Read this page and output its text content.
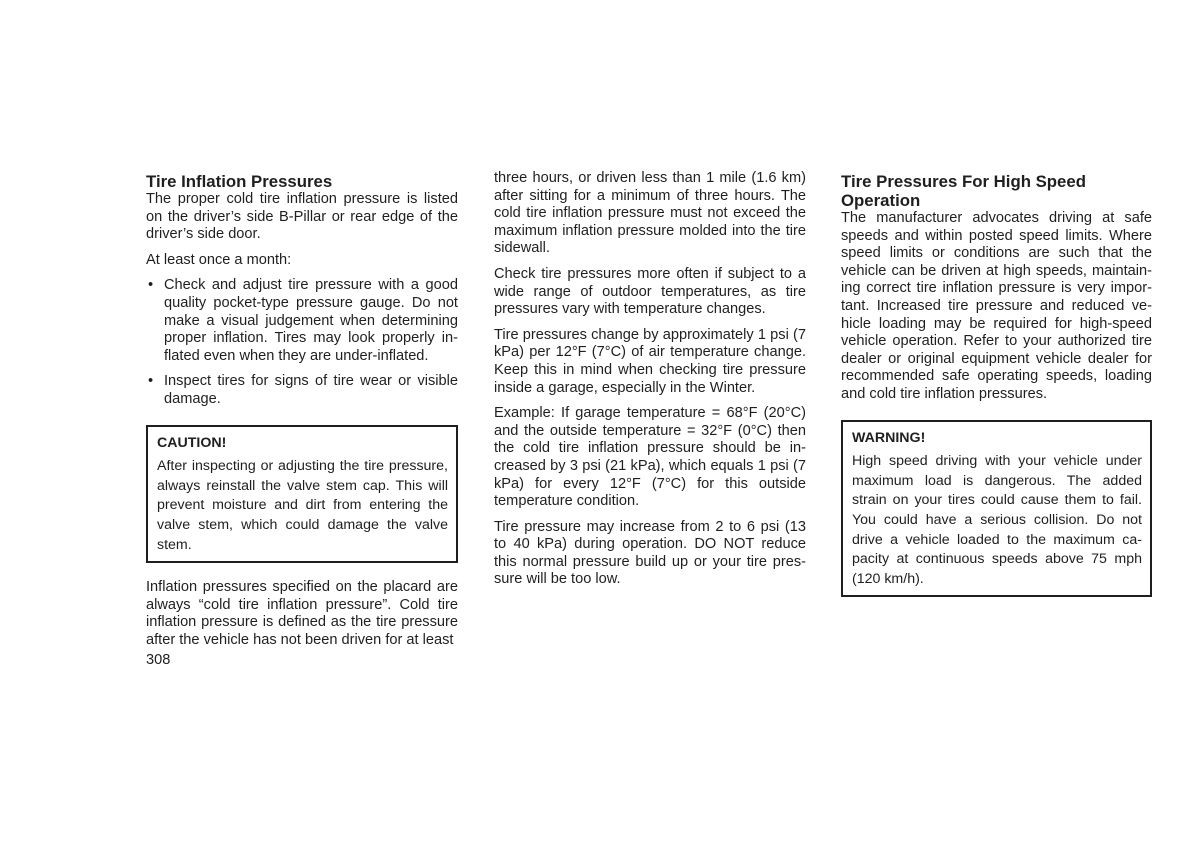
Tire Inflation Pressures

The proper cold tire inflation pressure is listed on the driver’s side B-Pillar or rear edge of the driver’s side door.

At least once a month:

• Check and adjust tire pressure with a good quality pocket-type pressure gauge. Do not make a visual judgement when determining proper inflation. Tires may look properly inflated even when they are under-inflated.
• Inspect tires for signs of tire wear or visible damage.
CAUTION!

After inspecting or adjusting the tire pressure, always reinstall the valve stem cap. This will prevent moisture and dirt from entering the valve stem, which could damage the valve stem.

Inflation pressures specified on the placard are always “cold tire inflation pressure”. Cold tire inflation pressure is defined as the tire pressure after the vehicle has not been driven for at least

three hours, or driven less than 1 mile (1.6 km) after sitting for a minimum of three hours. The cold tire inflation pressure must not exceed the maximum inflation pressure molded into the tire sidewall.

Check tire pressures more often if subject to a wide range of outdoor temperatures, as tire pressures vary with temperature changes.

Tire pressures change by approximately 1 psi (7 kPa) per 12°F (7°C) of air temperature change. Keep this in mind when checking tire pressure inside a garage, especially in the Winter.

Example: If garage temperature = 68°F (20°C) and the outside temperature = 32°F (0°C) then the cold tire inflation pressure should be increased by 3 psi (21 kPa), which equals 1 psi (7 kPa) for every 12°F (7°C) for this outside temperature condition.

Tire pressure may increase from 2 to 6 psi (13 to 40 kPa) during operation. DO NOT reduce this normal pressure build up or your tire pressure will be too low.

Tire Pressures For High Speed Operation

The manufacturer advocates driving at safe speeds and within posted speed limits. Where speed limits or conditions are such that the vehicle can be driven at high speeds, maintaining correct tire inflation pressure is very important. Increased tire pressure and reduced vehicle loading may be required for high-speed vehicle operation. Refer to your authorized tire dealer or original equipment vehicle dealer for recommended safe operating speeds, loading and cold tire inflation pressures.

WARNING!

High speed driving with your vehicle under maximum load is dangerous. The added strain on your tires could cause them to fail. You could have a serious collision. Do not drive a vehicle loaded to the maximum capacity at continuous speeds above 75 mph (120 km/h).

308
